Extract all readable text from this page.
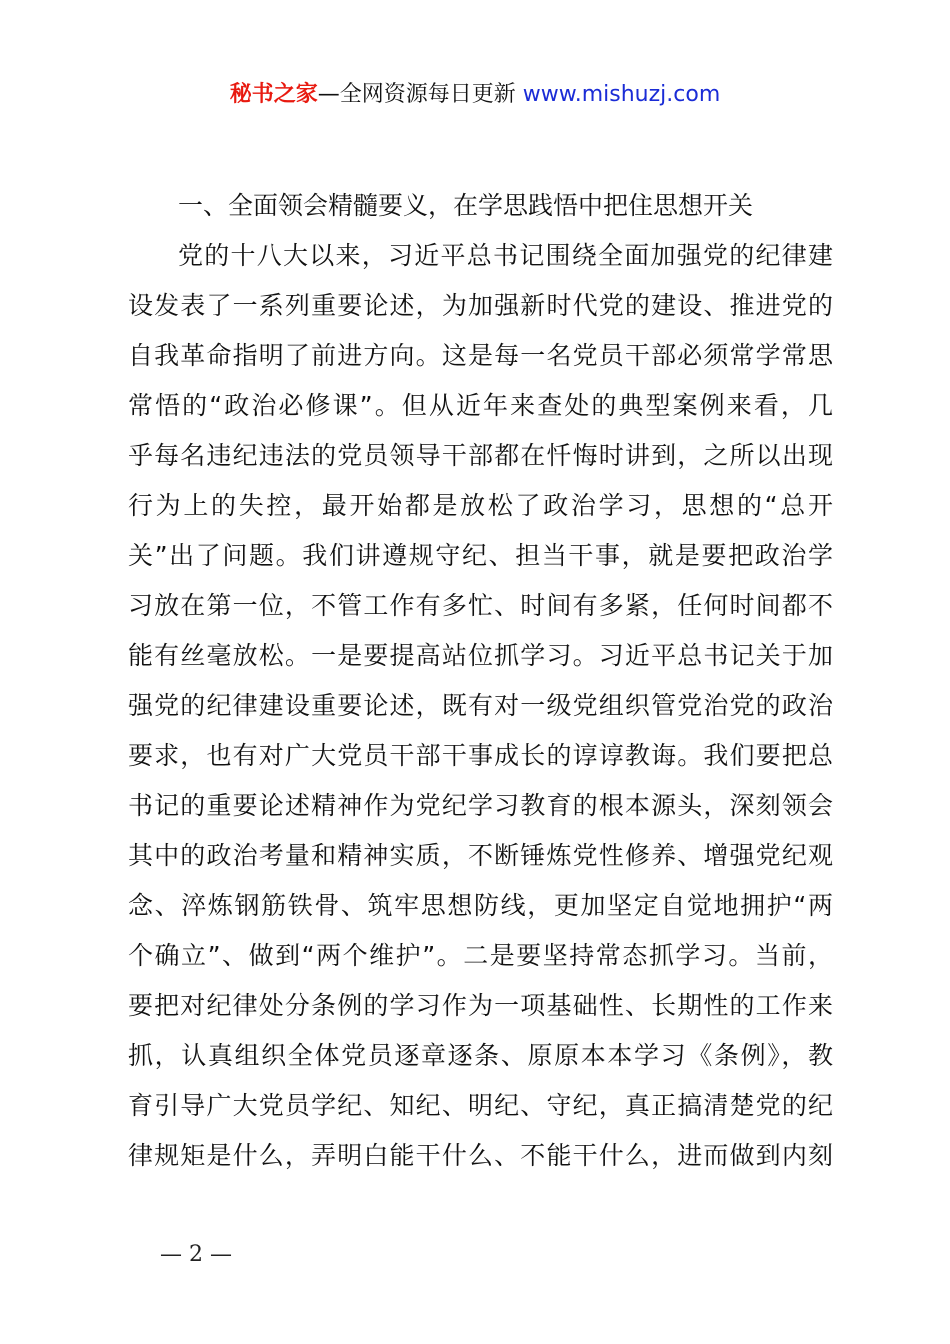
秘书之家—全网资源每日更新 www.mishuzj.com
一、全面领会精髓要义，在学思践悟中把住思想开关
党的十八大以来，习近平总书记围绕全面加强党的纪律建
设发表了一系列重要论述，为加强新时代党的建设、推进党的
自我革命指明了前进方向。这是每一名党员干部必须常学常思
常悟的“政治必修课”。但从近年来查处的典型案例来看，几
乎每名违纪违法的党员领导干部都在忏悔时讲到，之所以出现
行为上的失控，最开始都是放松了政治学习，思想的“总开
关”出了问题。我们讲遵规守纪、担当干事，就是要把政治学
习放在第一位，不管工作有多忙、时间有多紧，任何时间都不
能有丝毫放松。一是要提高站位抓学习。习近平总书记关于加
强党的纪律建设重要论述，既有对一级党组织管党治党的政治
要求，也有对广大党员干部干事成长的谆谆教诲。我们要把总
书记的重要论述精神作为党纪学习教育的根本源头，深刻领会
其中的政治考量和精神实质，不断锤炼党性修养、增强党纪观
念、淬炼钢筋铁骨、筑牢思想防线，更加坚定自觉地拥护“两
个确立”、做到“两个维护”。二是要坚持常态抓学习。当前，
要把对纪律处分条例的学习作为一项基础性、长期性的工作来
抓，认真组织全体党员逐章逐条、原原本本学习《条例》，教
育引导广大党员学纪、知纪、明纪、守纪，真正搞清楚党的纪
律规矩是什么，弄明白能干什么、不能干什么，进而做到内刻
— 2 —
